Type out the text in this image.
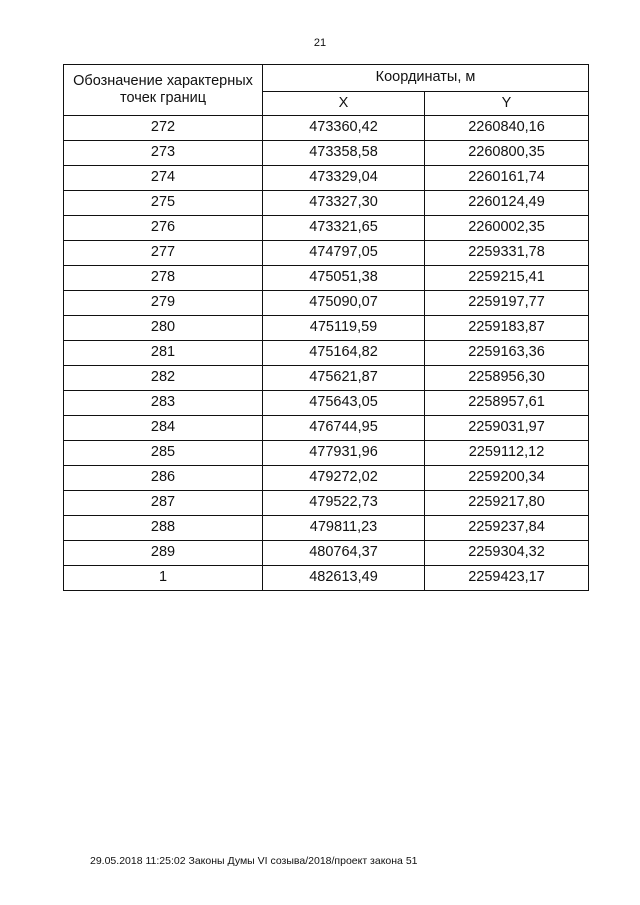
21
Обозначение характерных точек границ	Координаты, м	
	X	Y
272	473360,42	2260840,16
273	473358,58	2260800,35
274	473329,04	2260161,74
275	473327,30	2260124,49
276	473321,65	2260002,35
277	474797,05	2259331,78
278	475051,38	2259215,41
279	475090,07	2259197,77
280	475119,59	2259183,87
281	475164,82	2259163,36
282	475621,87	2258956,30
283	475643,05	2258957,61
284	476744,95	2259031,97
285	477931,96	2259112,12
286	479272,02	2259200,34
287	479522,73	2259217,80
288	479811,23	2259237,84
289	480764,37	2259304,32
1	482613,49	2259423,17
29.05.2018 11:25:02 Законы Думы VI созыва/2018/проект закона 51
